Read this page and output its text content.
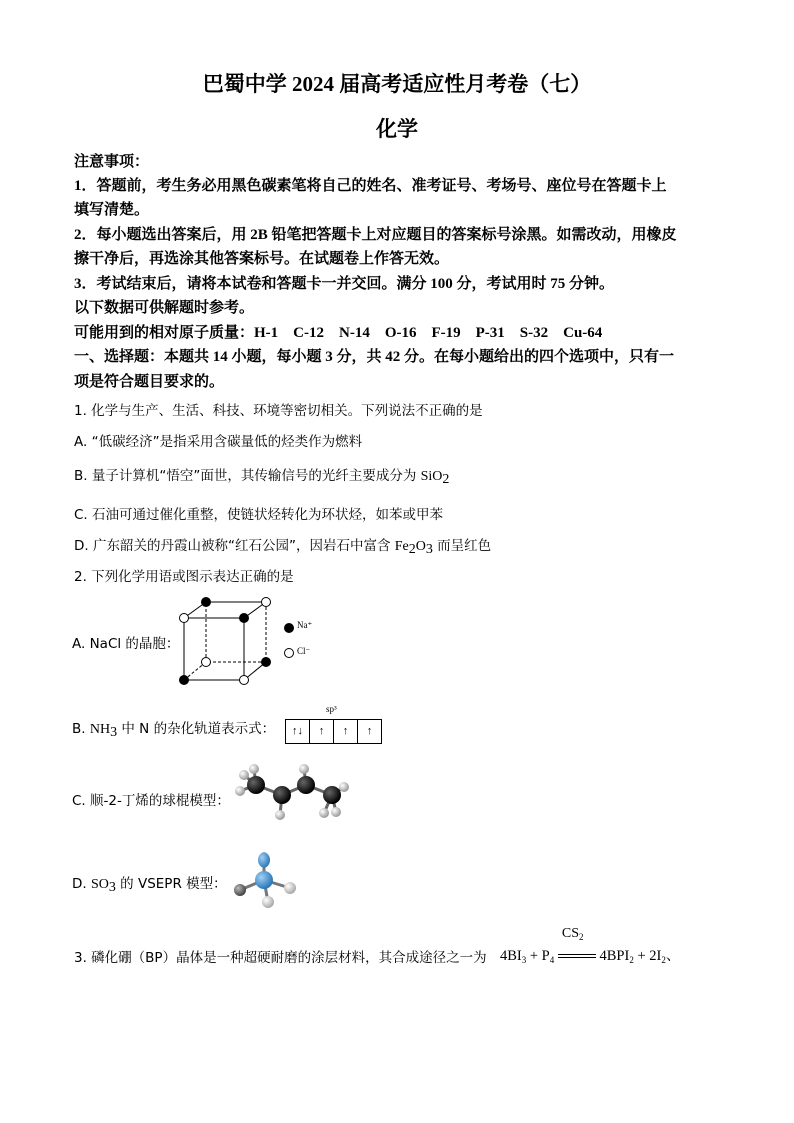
巴蜀中学 2024 届高考适应性月考卷（七）
化学
注意事项：
1．答题前，考生务必用黑色碳素笔将自己的姓名、准考证号、考场号、座位号在答题卡上
填写清楚。
2．每小题选出答案后，用 2B 铅笔把答题卡上对应题目的答案标号涂黑。如需改动，用橡皮
擦干净后，再选涂其他答案标号。在试题卷上作答无效。
3．考试结束后，请将本试卷和答题卡一并交回。满分 100 分，考试用时 75 分钟。
以下数据可供解题时参考。
可能用到的相对原子质量：H-1　C-12　N-14　O-16　F-19　P-31　S-32　Cu-64
一、选择题：本题共 14 小题，每小题 3 分，共 42 分。在每小题给出的四个选项中，只有一
项是符合题目要求的。
1. 化学与生产、生活、科技、环境等密切相关。下列说法不正确的是
A. “低碳经济”是指采用含碳量低的烃类作为燃料
B. 量子计算机“悟空”面世，其传输信号的光纤主要成分为 SiO$_2$
C. 石油可通过催化重整，使链状烃转化为环状烃，如苯或甲苯
D. 广东韶关的丹霞山被称“红石公园”，因岩石中富含 $Fe_2O_3$ 而呈红色
2. 下列化学用语或图示表达正确的是
A. NaCl 的晶胞：
Na⁺
Cl⁻
B. $NH_3$ 中 N 的杂化轨道表示式：
sp³
↑↓	↑	↑	↑
C. 顺-2-丁烯的球棍模型：
D. $SO_3$ 的 VSEPR 模型：
3. 磷化硼（BP）晶体是一种超硬耐磨的涂层材料，其合成途径之一为 $4BI_3 + P_4$
$CS_2$
$4BPI_2 + 2I_2$、
